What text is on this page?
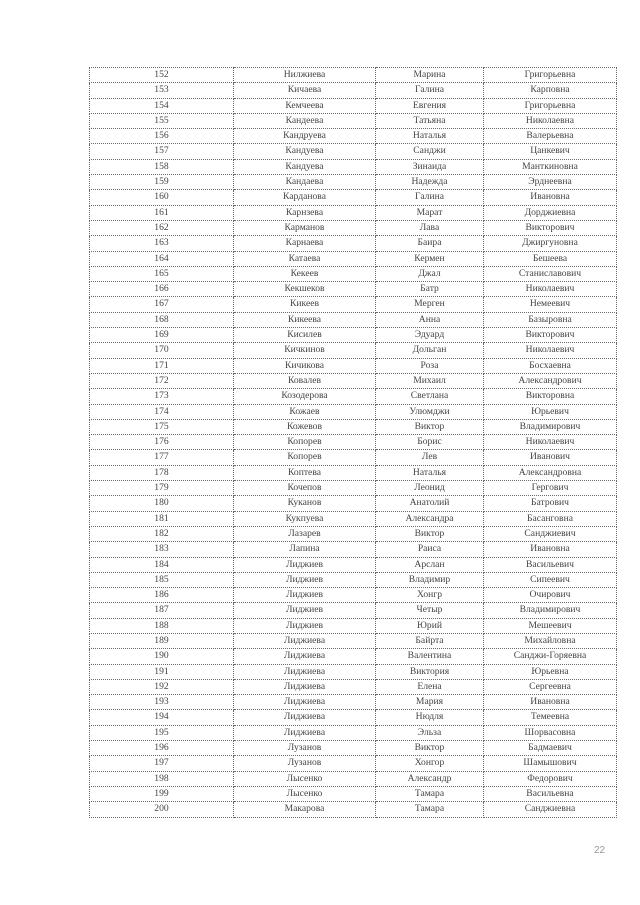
152	Нилжиева	Марина	Григорьевна
153	Кичаева	Галина	Карповна
154	Кемчеева	Евгения	Григорьевна
155	Кандеева	Татьяна	Николаевна
156	Кандруева	Наталья	Валерьевна
157	Кандуева	Санджи	Цанкевич
158	Кандуева	Зинаида	Манткиновна
159	Кандаева	Надежда	Эрднеевна
160	Карданова	Галина	Ивановна
161	Карнзева	Марат	Дорджиевна
162	Карманов	Лава	Викторович
163	Карнаева	Баира	Джиргуновна
164	Катаева	Кермен	Бешеева
165	Кекеев	Джал	Станиславович
166	Кекшеков	Батр	Николаевич
167	Кикеев	Мерген	Немеевич
168	Кикеева	Анна	Базыровна
169	Кисилев	Эдуард	Викторович
170	Кичкинов	Дольган	Николаевич
171	Кичикова	Роза	Босхаевна
172	Ковалев	Михаил	Александрович
173	Козодерова	Светлана	Викторовна
174	Кожаев	Улюмджи	Юрьевич
175	Кожевов	Виктор	Владимирович
176	Копорев	Борис	Николаевич
177	Копорев	Лев	Иванович
178	Коптева	Наталья	Александровна
179	Кочепов	Леонид	Гергович
180	Куканов	Анатолий	Батрович
181	Кукпуева	Александра	Басанговна
182	Лазарев	Виктор	Санджиевич
183	Лапина	Раиса	Ивановна
184	Лиджиев	Арслан	Васильевич
185	Лиджиев	Владимир	Сипеевич
186	Лиджиев	Хонгр	Очирович
187	Лиджиев	Четыр	Владимирович
188	Лиджиев	Юрий	Мешеевич
189	Лиджиева	Байрта	Михайловна
190	Лиджиева	Валентина	Санджи-Горяевна
191	Лиджиева	Виктория	Юрьевна
192	Лиджиева	Елена	Сергеевна
193	Лиджиева	Мария	Ивановна
194	Лиджиева	Нюдля	Темеевна
195	Лиджиева	Эльза	Шорвасовна
196	Лузанов	Виктор	Бадмаевич
197	Лузанов	Хонгор	Шамышович
198	Лысенко	Александр	Федорович
199	Лысенко	Тамара	Васильевна
200	Макарова	Тамара	Санджиевна
22
